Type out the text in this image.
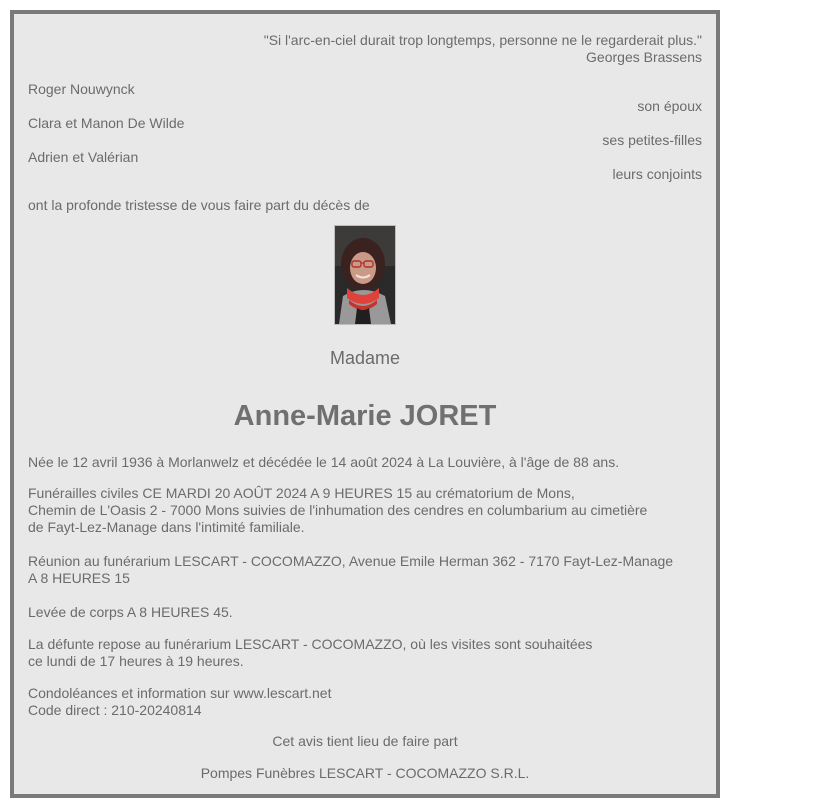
"Si l'arc-en-ciel durait trop longtemps, personne ne le regarderait plus."
Georges Brassens
Roger Nouwynck
son époux
Clara et Manon De Wilde
ses petites-filles
Adrien et Valérian
leurs conjoints
ont la profonde tristesse de vous faire part du décès de
Madame
Anne-Marie JORET
Née le 12 avril 1936 à Morlanwelz et décédée le 14 août 2024 à La Louvière, à l'âge de 88 ans.
Funérailles civiles CE MARDI 20 AOÛT 2024 A 9 HEURES 15 au crématorium de Mons,
Chemin de L'Oasis 2 - 7000 Mons suivies de l'inhumation des cendres en columbarium au cimetière
de Fayt-Lez-Manage dans l'intimité familiale.
Réunion au funérarium LESCART - COCOMAZZO, Avenue Emile Herman 362 - 7170 Fayt-Lez-Manage
A 8 HEURES 15
Levée de corps A 8 HEURES 45.
La défunte repose au funérarium LESCART - COCOMAZZO, où les visites sont souhaitées
ce lundi de 17 heures à 19 heures.
Condoléances et information sur www.lescart.net
Code direct : 210-20240814
Cet avis tient lieu de faire part
Pompes Funèbres LESCART - COCOMAZZO S.R.L.
